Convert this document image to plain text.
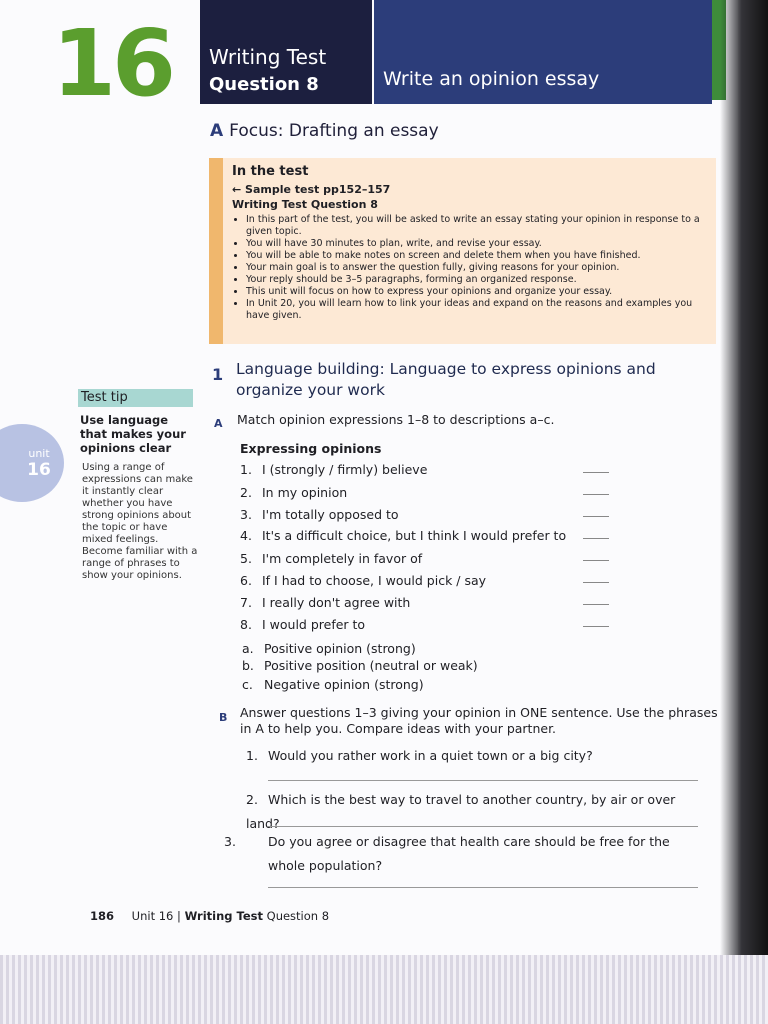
16 Writing Test
Question 8	Write an opinion essay
A Focus: Drafting an essay
In the test
← Sample test pp152–157
Writing Test Question 8
• In this part of the test, you will be asked to write an essay stating your opinion in response to a given topic.
• You will have 30 minutes to plan, write, and revise your essay.
• You will be able to make notes on screen and delete them when you have finished.
• Your main goal is to answer the question fully, giving reasons for your opinion.
• Your reply should be 3–5 paragraphs, forming an organized response.
• This unit will focus on how to express your opinions and organize your essay.
• In Unit 20, you will learn how to link your ideas and expand on the reasons and examples you have given.
1 Language building: Language to express opinions and organize your work
Test tip
Use language that makes your opinions clear
Using a range of expressions can make it instantly clear whether you have strong opinions about the topic or have mixed feelings. Become familiar with a range of phrases to show your opinions.
unit
16
A Match opinion expressions 1–8 to descriptions a–c.
Expressing opinions
1. I (strongly / firmly) believe
2. In my opinion
3. I'm totally opposed to
4. It's a difficult choice, but I think I would prefer to
5. I'm completely in favor of
6. If I had to choose, I would pick / say
7. I really don't agree with
8. I would prefer to
a. Positive opinion (strong)
b. Positive position (neutral or weak)
c. Negative opinion (strong)
B Answer questions 1–3 giving your opinion in ONE sentence. Use the phrases in A to help you. Compare ideas with your partner.
1. Would you rather work in a quiet town or a big city?
2. Which is the best way to travel to another country, by air or over land?
3.	Do you agree or disagree that health care should be free for the whole population?
186 Unit 16 | Writing Test Question 8
